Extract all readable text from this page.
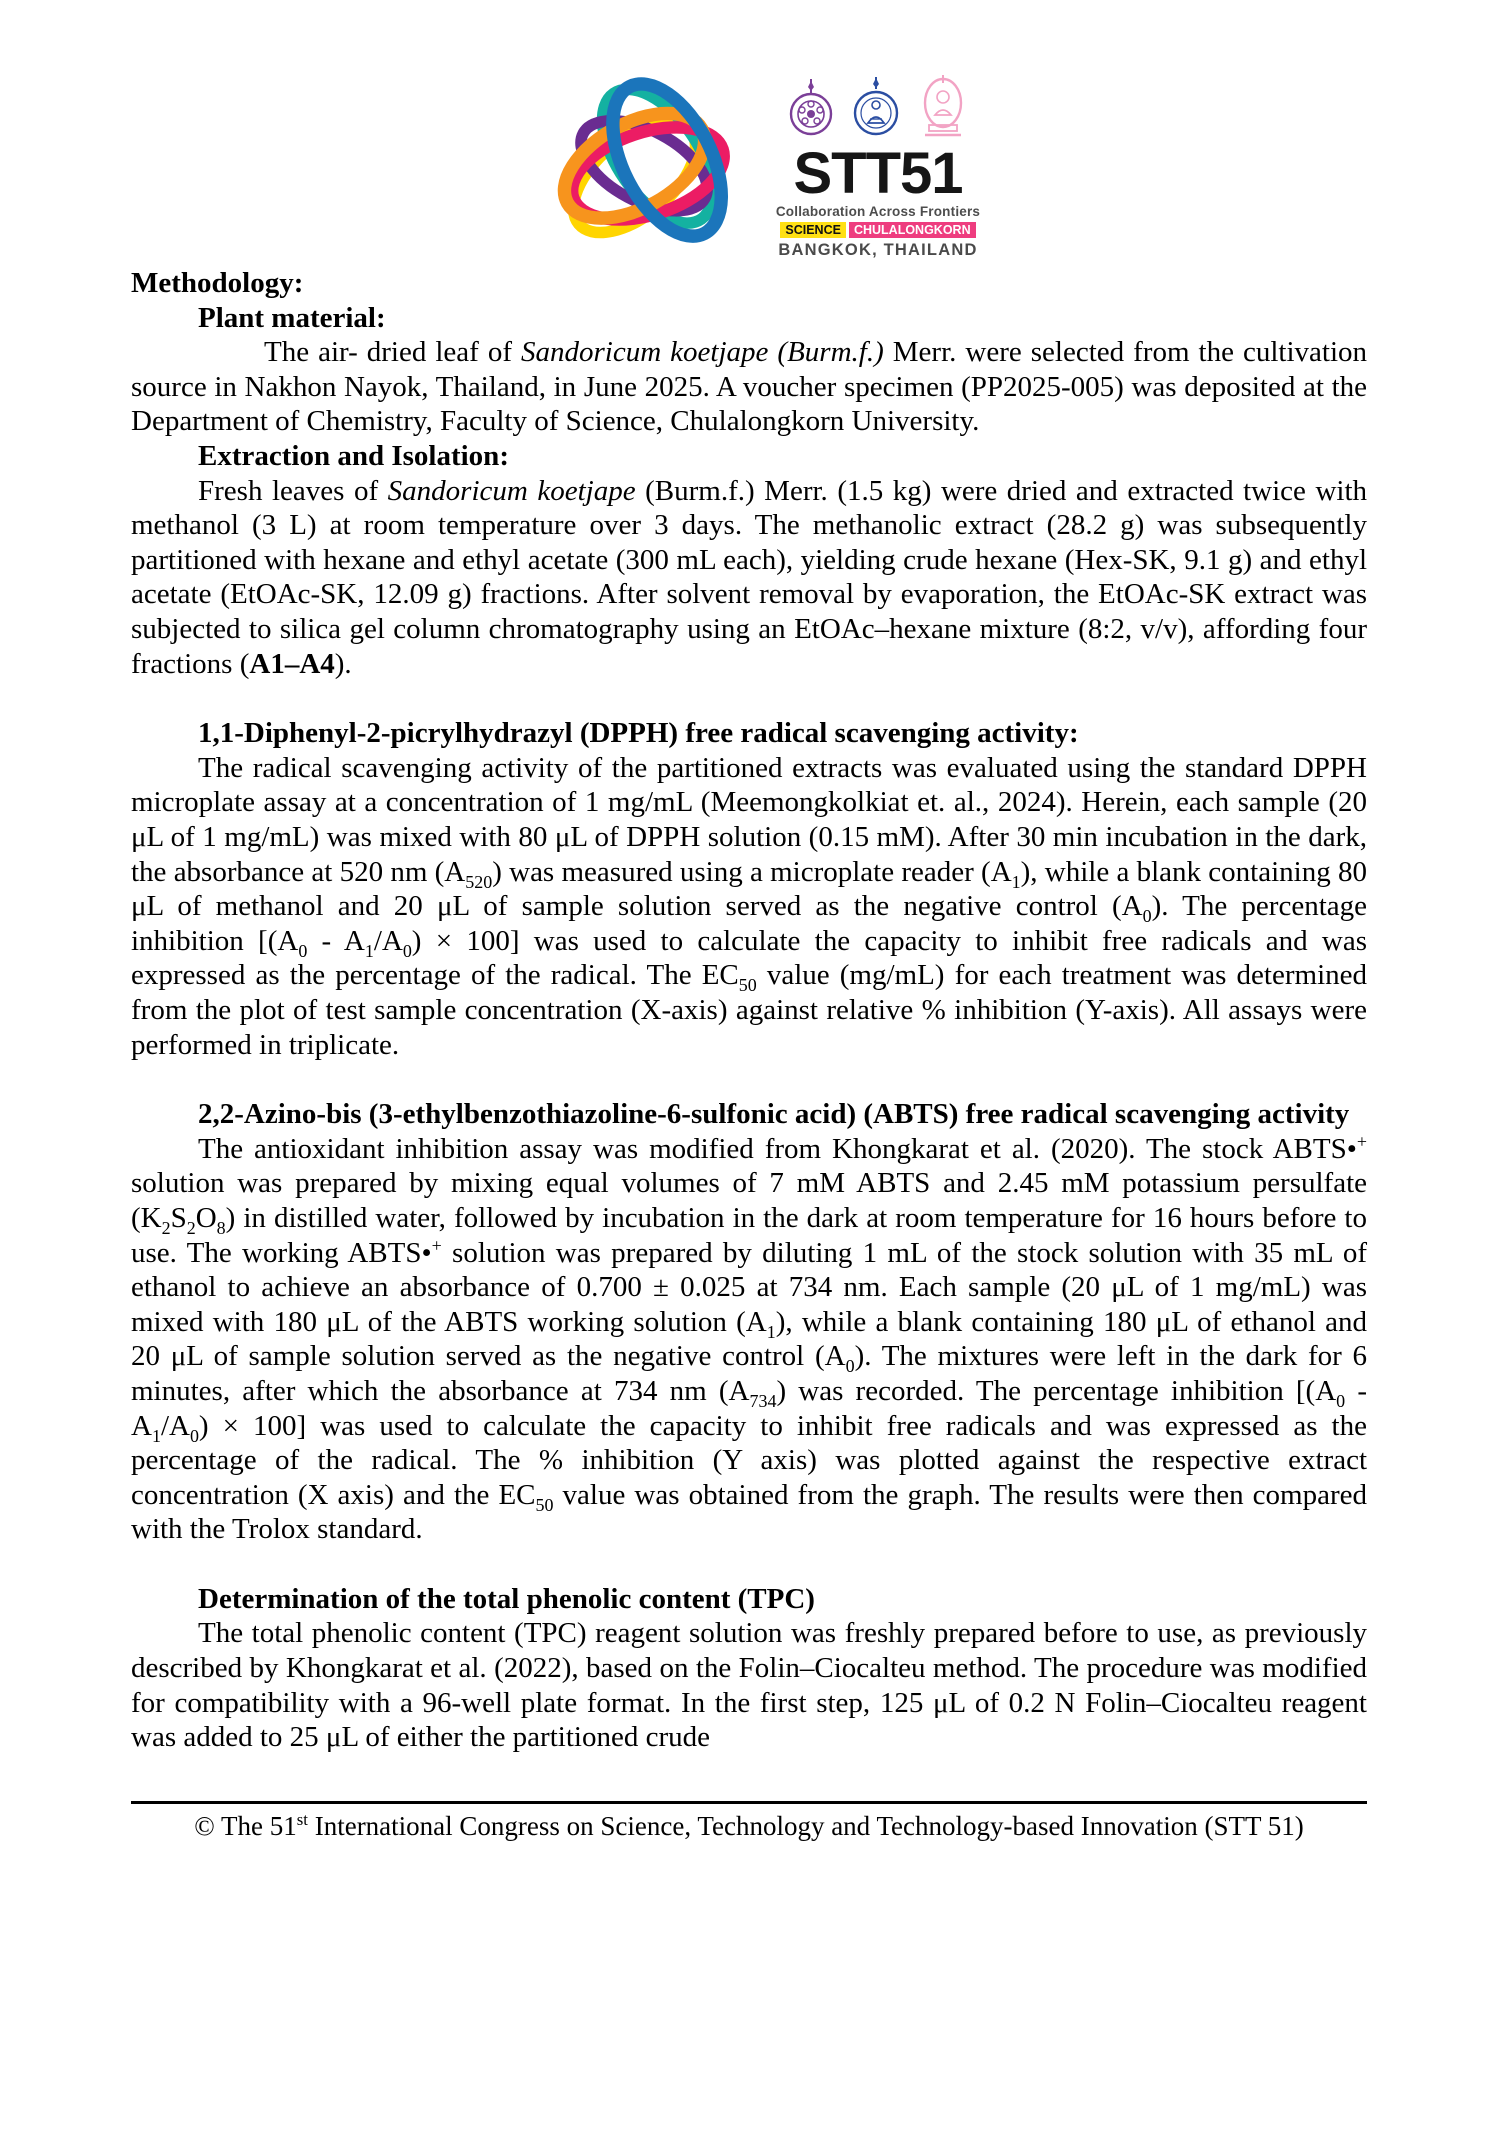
STT51
Collaboration Across Frontiers
SCIENCE	CHULALONGKORN
BANGKOK, THAILAND

Methodology:

Plant material:

The air- dried leaf of Sandoricum koetjape (Burm.f.) Merr. were selected from the cultivation source in Nakhon Nayok, Thailand, in June 2025. A voucher specimen (PP2025-005) was deposited at the Department of Chemistry, Faculty of Science, Chulalongkorn University.

Extraction and Isolation:

Fresh leaves of Sandoricum koetjape (Burm.f.) Merr. (1.5 kg) were dried and extracted twice with methanol (3 L) at room temperature over 3 days. The methanolic extract (28.2 g) was subsequently partitioned with hexane and ethyl acetate (300 mL each), yielding crude hexane (Hex-SK, 9.1 g) and ethyl acetate (EtOAc-SK, 12.09 g) fractions. After solvent removal by evaporation, the EtOAc-SK extract was subjected to silica gel column chromatography using an EtOAc–hexane mixture (8:2, v/v), affording four fractions (A1–A4).

1,1-Diphenyl-2-picrylhydrazyl (DPPH) free radical scavenging activity:

The radical scavenging activity of the partitioned extracts was evaluated using the standard DPPH microplate assay at a concentration of 1 mg/mL (Meemongkolkiat et. al., 2024). Herein, each sample (20 μL of 1 mg/mL) was mixed with 80 μL of DPPH solution (0.15 mM). After 30 min incubation in the dark, the absorbance at 520 nm $(A_{520})$ was measured using a microplate reader $(A_1)$, while a blank containing 80 μL of methanol and 20 μL of sample solution served as the negative control $(A_0)$. The percentage inhibition $[(A_0 - A_1/A_0) \times 100]$ was used to calculate the capacity to inhibit free radicals and was expressed as the percentage of the radical. The $EC_{50}$ value (mg/mL) for each treatment was determined from the plot of test sample concentration (X-axis) against relative % inhibition (Y-axis). All assays were performed in triplicate.

2,2-Azino-bis (3-ethylbenzothiazoline-6-sulfonic acid) (ABTS) free radical scavenging activity

The antioxidant inhibition assay was modified from Khongkarat et al. (2020). The stock ABTS•+ solution was prepared by mixing equal volumes of 7 mM ABTS and 2.45 mM potassium persulfate $(K_2S_2O_8)$ in distilled water, followed by incubation in the dark at room temperature for 16 hours before to use. The working ABTS•+ solution was prepared by diluting 1 mL of the stock solution with 35 mL of ethanol to achieve an absorbance of 0.700 ± 0.025 at 734 nm. Each sample (20 μL of 1 mg/mL) was mixed with 180 μL of the ABTS working solution $(A_1)$, while a blank containing 180 μL of ethanol and 20 μL of sample solution served as the negative control $(A_0)$. The mixtures were left in the dark for 6 minutes, after which the absorbance at 734 nm $(A_{734})$ was recorded. The percentage inhibition $[(A_0 - A_1/A_0) \times 100]$ was used to calculate the capacity to inhibit free radicals and was expressed as the percentage of the radical. The % inhibition (Y axis) was plotted against the respective extract concentration (X axis) and the $EC_{50}$ value was obtained from the graph. The results were then compared with the Trolox standard.

Determination of the total phenolic content (TPC)

The total phenolic content (TPC) reagent solution was freshly prepared before to use, as previously described by Khongkarat et al. (2022), based on the Folin–Ciocalteu method. The procedure was modified for compatibility with a 96-well plate format. In the first step, 125 μL of 0.2 N Folin–Ciocalteu reagent was added to 25 μL of either the partitioned crude

© The 51st International Congress on Science, Technology and Technology-based Innovation (STT 51)
